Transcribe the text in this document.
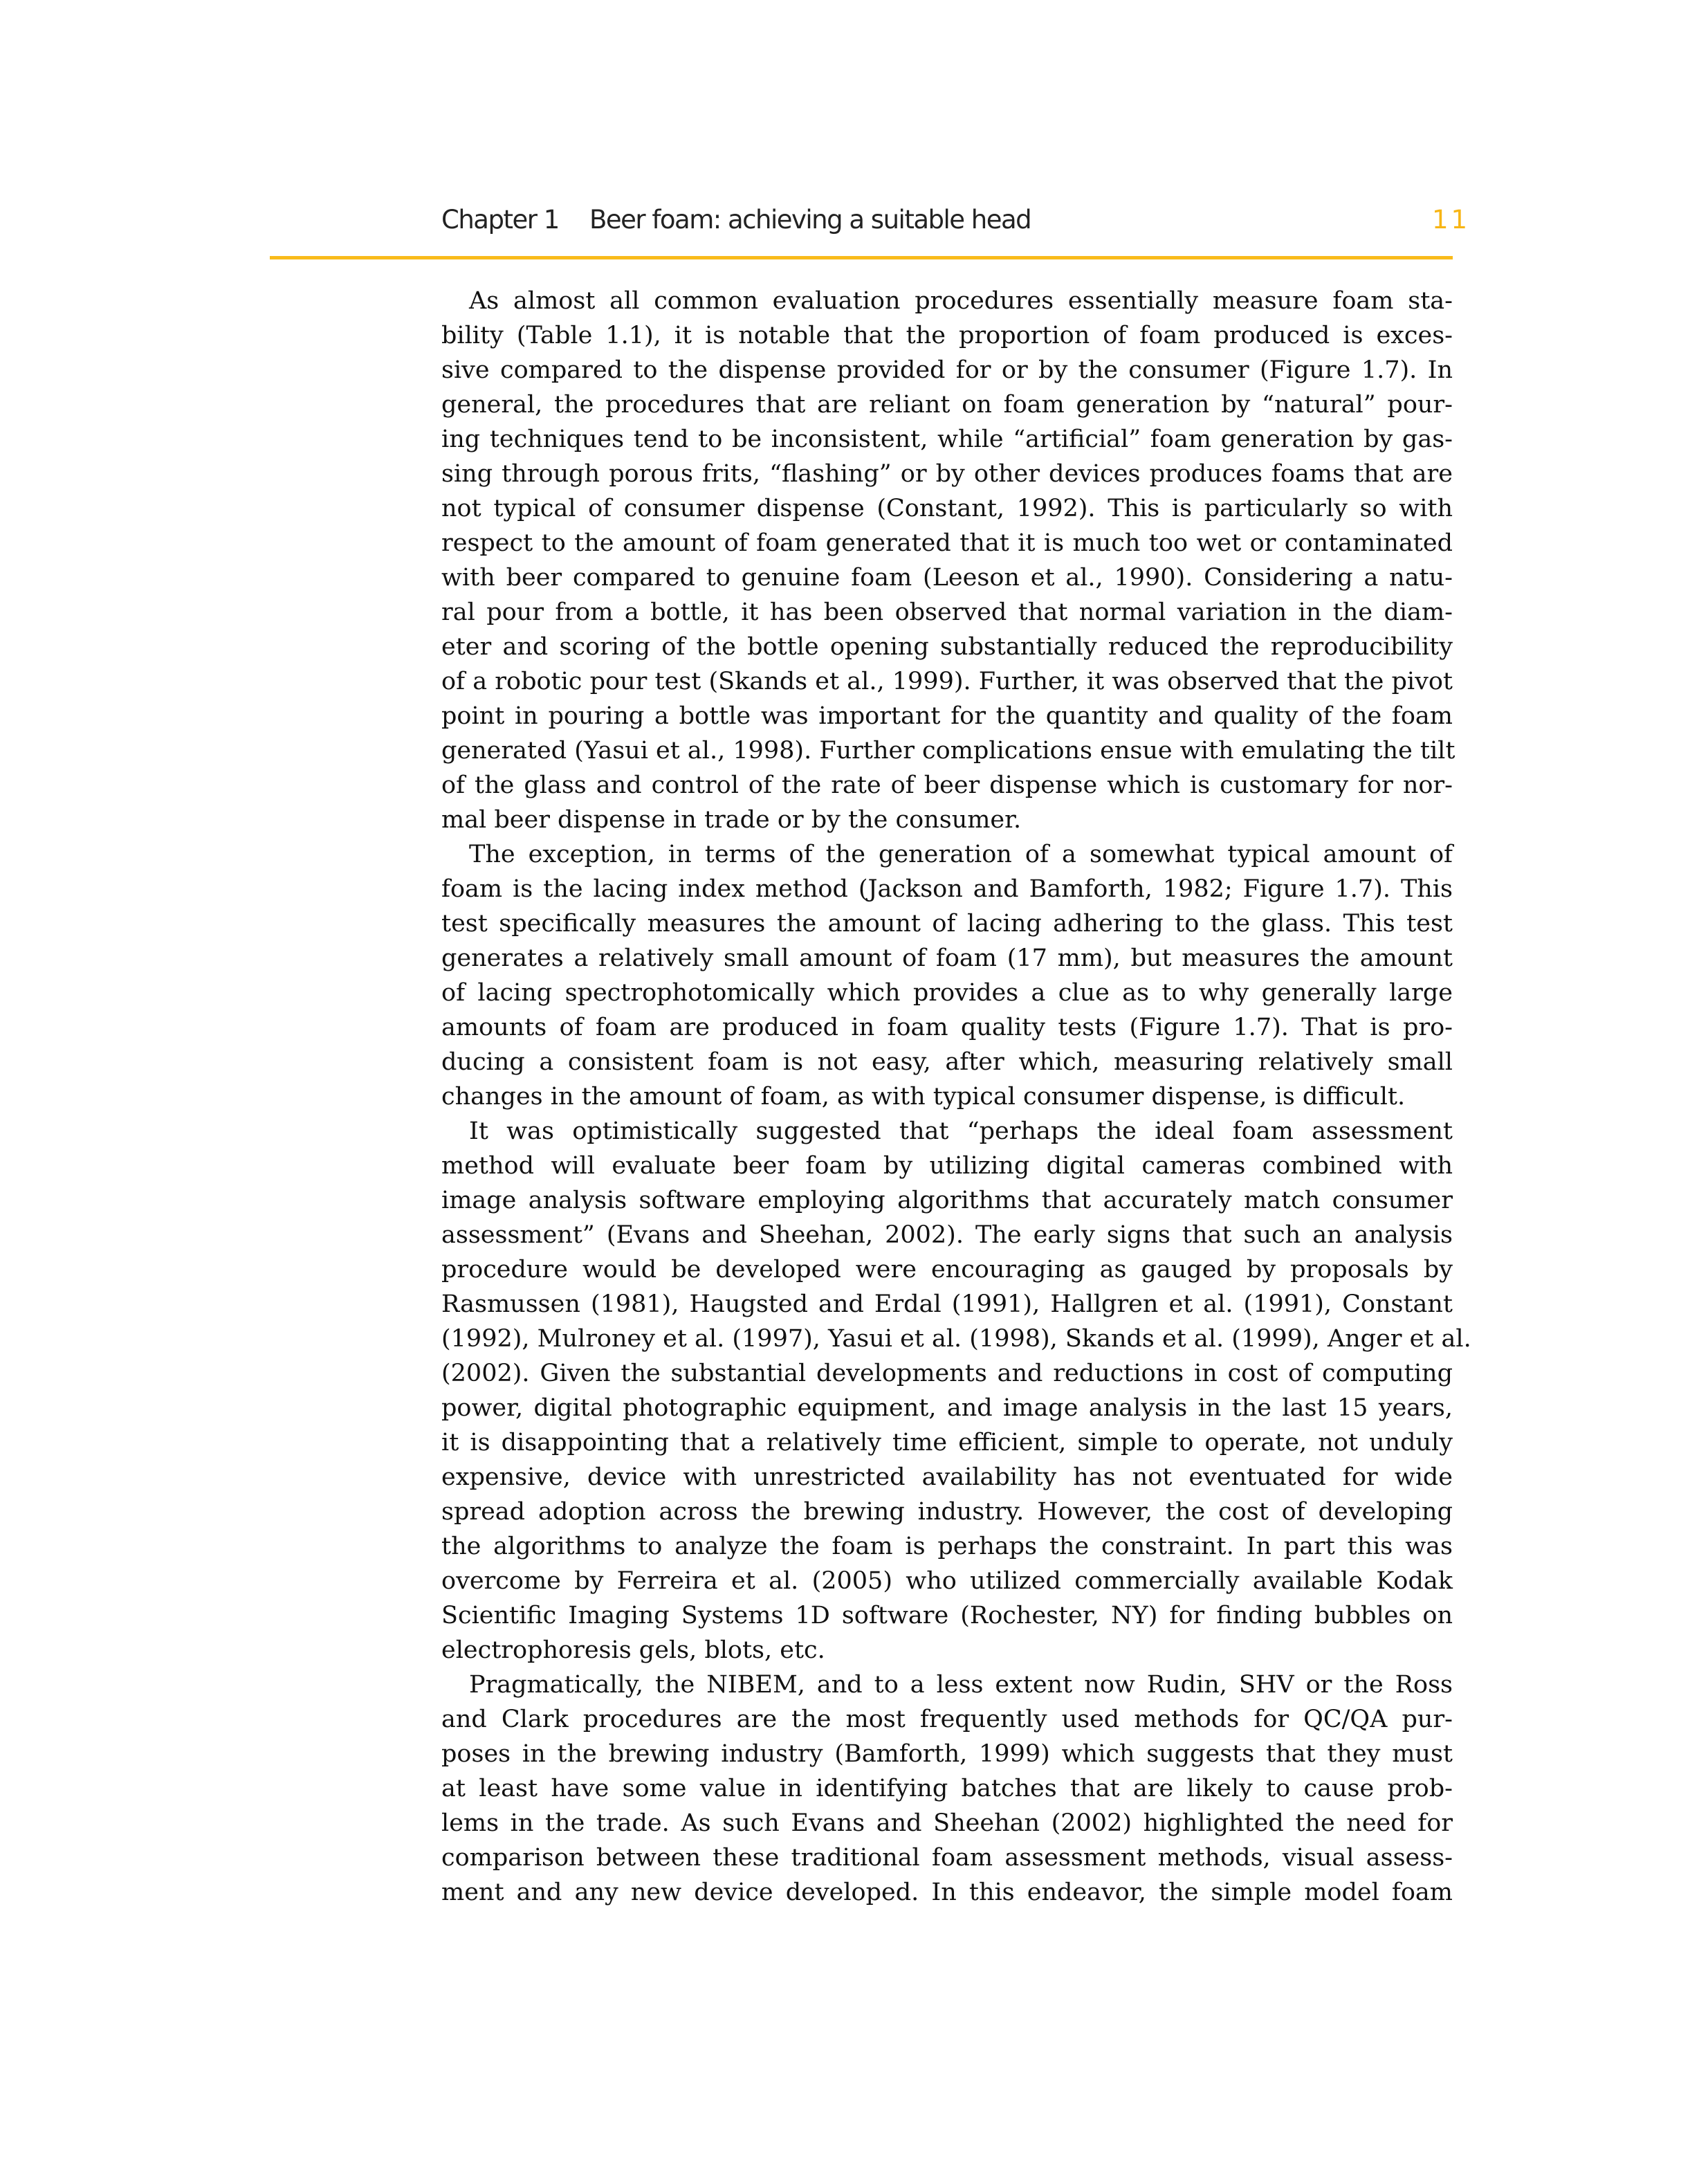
Chapter 1 Beer foam: achieving a suitable head	11
As almost all common evaluation procedures essentially measure foam sta-
bility (Table 1.1), it is notable that the proportion of foam produced is exces-
sive compared to the dispense provided for or by the consumer (Figure 1.7). In
general, the procedures that are reliant on foam generation by “natural” pour-
ing techniques tend to be inconsistent, while “artificial” foam generation by gas-
sing through porous frits, “flashing” or by other devices produces foams that are
not typical of consumer dispense (Constant, 1992). This is particularly so with
respect to the amount of foam generated that it is much too wet or contaminated
with beer compared to genuine foam (Leeson et al., 1990). Considering a natu-
ral pour from a bottle, it has been observed that normal variation in the diam-
eter and scoring of the bottle opening substantially reduced the reproducibility
of a robotic pour test (Skands et al., 1999). Further, it was observed that the pivot
point in pouring a bottle was important for the quantity and quality of the foam
generated (Yasui et al., 1998). Further complications ensue with emulating the tilt
of the glass and control of the rate of beer dispense which is customary for nor-
mal beer dispense in trade or by the consumer.
The exception, in terms of the generation of a somewhat typical amount of
foam is the lacing index method (Jackson and Bamforth, 1982; Figure 1.7). This
test specifically measures the amount of lacing adhering to the glass. This test
generates a relatively small amount of foam (17 mm), but measures the amount
of lacing spectrophotomically which provides a clue as to why generally large
amounts of foam are produced in foam quality tests (Figure 1.7). That is pro-
ducing a consistent foam is not easy, after which, measuring relatively small
changes in the amount of foam, as with typical consumer dispense, is difficult.
It was optimistically suggested that “perhaps the ideal foam assessment
method will evaluate beer foam by utilizing digital cameras combined with
image analysis software employing algorithms that accurately match consumer
assessment” (Evans and Sheehan, 2002). The early signs that such an analysis
procedure would be developed were encouraging as gauged by proposals by
Rasmussen (1981), Haugsted and Erdal (1991), Hallgren et al. (1991), Constant
(1992), Mulroney et al. (1997), Yasui et al. (1998), Skands et al. (1999), Anger et al.
(2002). Given the substantial developments and reductions in cost of computing
power, digital photographic equipment, and image analysis in the last 15 years,
it is disappointing that a relatively time efficient, simple to operate, not unduly
expensive, device with unrestricted availability has not eventuated for wide
spread adoption across the brewing industry. However, the cost of developing
the algorithms to analyze the foam is perhaps the constraint. In part this was
overcome by Ferreira et al. (2005) who utilized commercially available Kodak
Scientific Imaging Systems 1D software (Rochester, NY) for finding bubbles on
electrophoresis gels, blots, etc.
Pragmatically, the NIBEM, and to a less extent now Rudin, SHV or the Ross
and Clark procedures are the most frequently used methods for QC/QA pur-
poses in the brewing industry (Bamforth, 1999) which suggests that they must
at least have some value in identifying batches that are likely to cause prob-
lems in the trade. As such Evans and Sheehan (2002) highlighted the need for
comparison between these traditional foam assessment methods, visual assess-
ment and any new device developed. In this endeavor, the simple model foam
